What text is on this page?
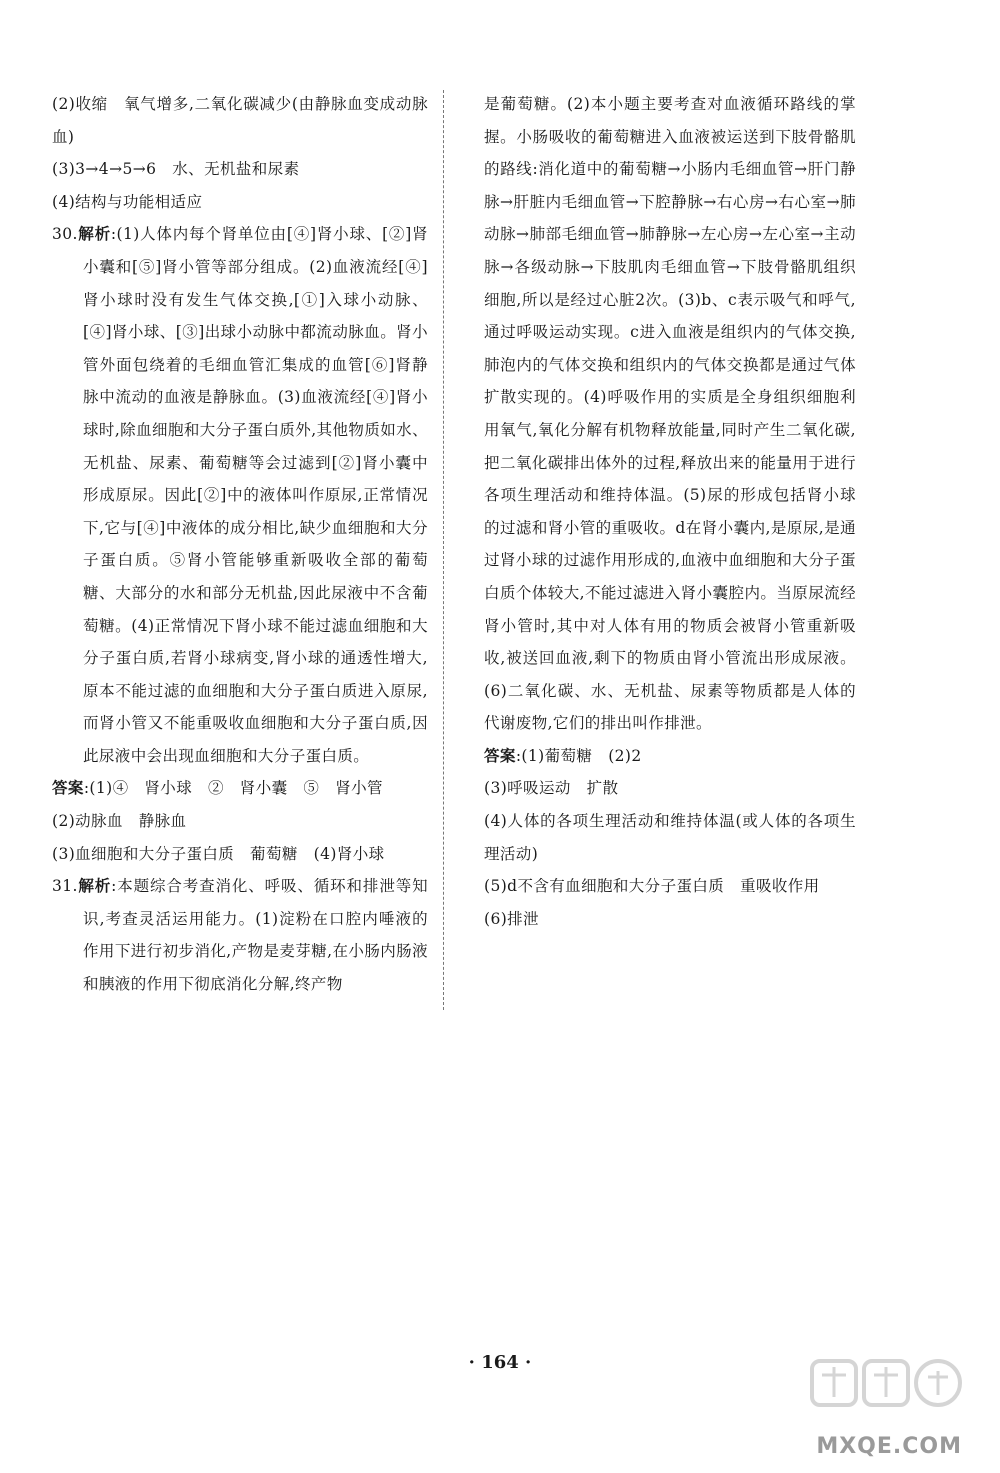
(2)收缩　氧气增多,二氧化碳减少(由静脉血变成动脉血)

(3)3→4→5→6　水、无机盐和尿素

(4)结构与功能相适应

30.解析:(1)人体内每个肾单位由[④]肾小球、[②]肾小囊和[⑤]肾小管等部分组成。(2)血液流经[④]肾小球时没有发生气体交换,[①]入球小动脉、[④]肾小球、[③]出球小动脉中都流动脉血。肾小管外面包绕着的毛细血管汇集成的血管[⑥]肾静脉中流动的血液是静脉血。(3)血液流经[④]肾小球时,除血细胞和大分子蛋白质外,其他物质如水、无机盐、尿素、葡萄糖等会过滤到[②]肾小囊中形成原尿。因此[②]中的液体叫作原尿,正常情况下,它与[④]中液体的成分相比,缺少血细胞和大分子蛋白质。⑤肾小管能够重新吸收全部的葡萄糖、大部分的水和部分无机盐,因此尿液中不含葡萄糖。(4)正常情况下肾小球不能过滤血细胞和大分子蛋白质,若肾小球病变,肾小球的通透性增大,原本不能过滤的血细胞和大分子蛋白质进入原尿,而肾小管又不能重吸收血细胞和大分子蛋白质,因此尿液中会出现血细胞和大分子蛋白质。

答案:(1)④　肾小球　②　肾小囊　⑤　肾小管

(2)动脉血　静脉血

(3)血细胞和大分子蛋白质　葡萄糖　(4)肾小球

31.解析:本题综合考查消化、呼吸、循环和排泄等知识,考查灵活运用能力。(1)淀粉在口腔内唾液的作用下进行初步消化,产物是麦芽糖,在小肠内肠液和胰液的作用下彻底消化分解,终产物

是葡萄糖。(2)本小题主要考查对血液循环路线的掌握。小肠吸收的葡萄糖进入血液被运送到下肢骨骼肌的路线:消化道中的葡萄糖→小肠内毛细血管→肝门静脉→肝脏内毛细血管→下腔静脉→右心房→右心室→肺动脉→肺部毛细血管→肺静脉→左心房→左心室→主动脉→各级动脉→下肢肌肉毛细血管→下肢骨骼肌组织细胞,所以是经过心脏2次。(3)b、c表示吸气和呼气,通过呼吸运动实现。c进入血液是组织内的气体交换,肺泡内的气体交换和组织内的气体交换都是通过气体扩散实现的。(4)呼吸作用的实质是全身组织细胞利用氧气,氧化分解有机物释放能量,同时产生二氧化碳,把二氧化碳排出体外的过程,释放出来的能量用于进行各项生理活动和维持体温。(5)尿的形成包括肾小球的过滤和肾小管的重吸收。d在肾小囊内,是原尿,是通过肾小球的过滤作用形成的,血液中血细胞和大分子蛋白质个体较大,不能过滤进入肾小囊腔内。当原尿流经肾小管时,其中对人体有用的物质会被肾小管重新吸收,被送回血液,剩下的物质由肾小管流出形成尿液。(6)二氧化碳、水、无机盐、尿素等物质都是人体的代谢废物,它们的排出叫作排泄。

答案:(1)葡萄糖　(2)2

(3)呼吸运动　扩散

(4)人体的各项生理活动和维持体温(或人体的各项生理活动)

(5)d不含有血细胞和大分子蛋白质　重吸收作用

(6)排泄

· 164 ·
MXQE.COM
